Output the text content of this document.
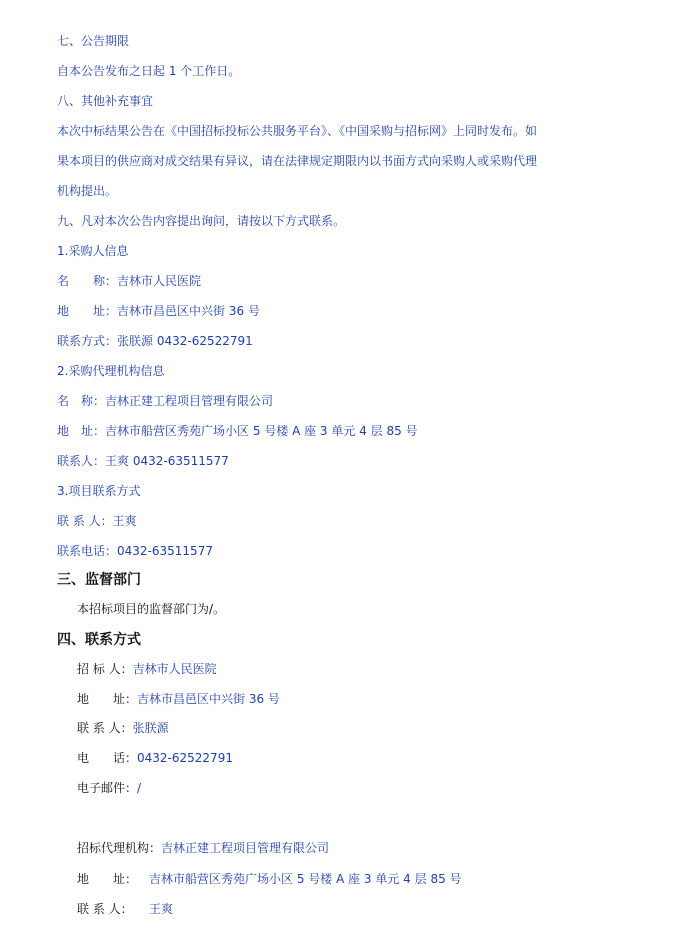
七、公告期限
自本公告发布之日起 1 个工作日。
八、其他补充事宜
本次中标结果公告在《中国招标投标公共服务平台》、《中国采购与招标网》上同时发布。如
果本项目的供应商对成交结果有异议，请在法律规定期限内以书面方式向采购人或采购代理
机构提出。
九、凡对本次公告内容提出询问，请按以下方式联系。
1.采购人信息
名　　称：吉林市人民医院
地　　址：吉林市昌邑区中兴街 36 号
联系方式：张朕源 0432-62522791
2.采购代理机构信息
名　称：吉林正建工程项目管理有限公司
地　址：吉林市船营区秀苑广场小区 5 号楼 A 座 3 单元 4 层 85 号
联系人：王爽 0432-63511577
3.项目联系方式
联 系 人：王爽
联系电话：0432-63511577
三、监督部门
本招标项目的监督部门为/。
四、联系方式
招 标 人：吉林市人民医院
地　　址：吉林市昌邑区中兴街 36 号
联 系 人：张朕源
电　　话：0432-62522791
电子邮件：/
招标代理机构：吉林正建工程项目管理有限公司
地　　址： 吉林市船营区秀苑广场小区 5 号楼 A 座 3 单元 4 层 85 号
联 系 人： 王爽
